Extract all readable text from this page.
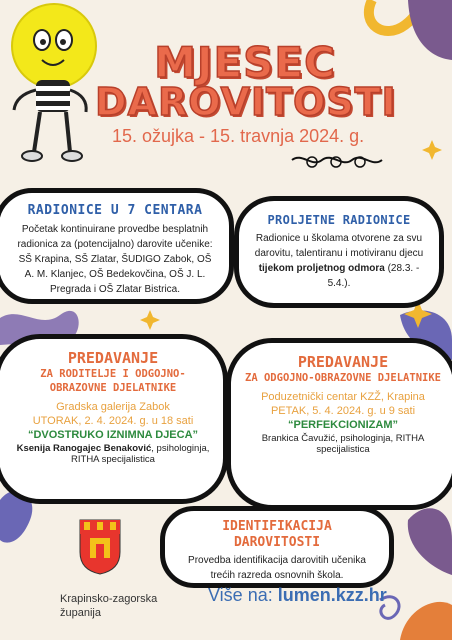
MJESEC
DAROVITOSTI
15. ožujka - 15. travnja 2024. g.
RADIONICE U 7 CENTARA
Početak kontinuirane provedbe besplatnih radionica za (potencijalno) darovite učenike: SŠ Krapina, SŠ Zlatar, ŠUDIGO Zabok, OŠ A. M. Klanjec, OŠ Bedekovčina, OŠ J. L. Pregrada i OŠ Zlatar Bistrica.
PROLJETNE RADIONICE
Radionice u školama otvorene za svu darovitu, talentiranu i motiviranu djecu tijekom proljetnog odmora (28.3. - 5.4.).
PREDAVANJE
ZA RODITELJE I ODGOJNO-OBRAZOVNE DJELATNIKE
Gradska galerija Zabok
UTORAK, 2. 4. 2024. g. u 18 sati
“DVOSTRUKO IZNIMNA DJECA”
Ksenija Ranogajec Benaković, psihologinja, RITHA specijalistica
PREDAVANJE
ZA ODGOJNO-OBRAZOVNE DJELATNIKE
Poduzetnički centar KZŽ, Krapina
PETAK, 5. 4. 2024. g. u 9 sati
“PERFEKCIONIZAM”
Brankica Čavužić, psihologinja, RITHA specijalistica
IDENTIFIKACIJA
DAROVITOSTI
Provedba identifikacija darovitih učenika trećih razreda osnovnih škola.
Krapinsko-zagorska
županija
Više na: lumen.kzz.hr
